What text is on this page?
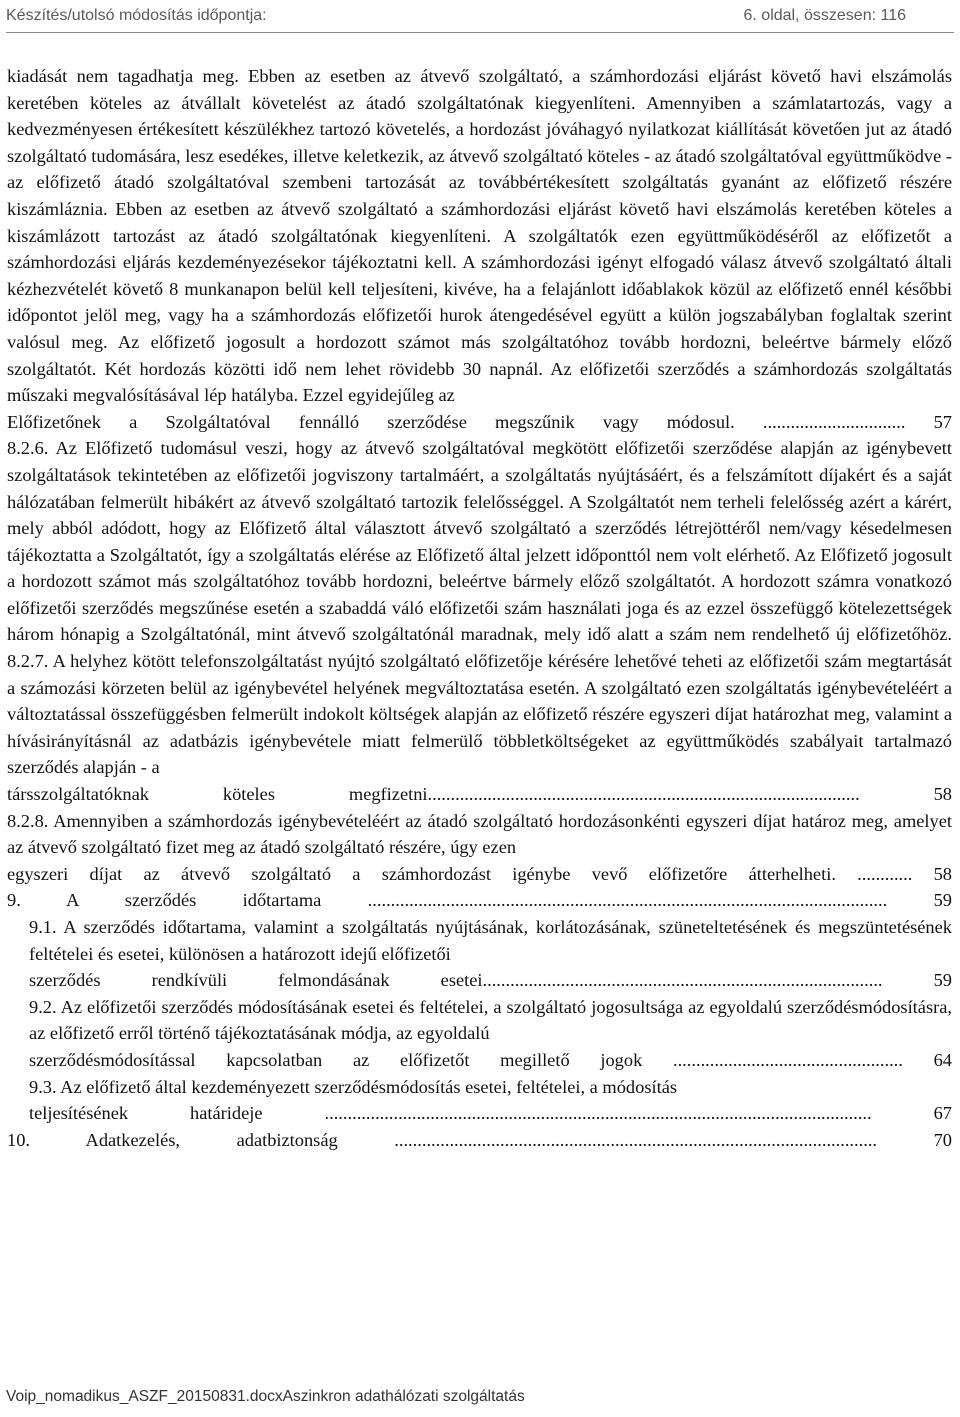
Készítés/utolsó módosítás időpontja:	6. oldal, összesen: 116

kiadását nem tagadhatja meg. Ebben az esetben az átvevő szolgáltató, a számhordozási eljárást követő havi elszámolás keretében köteles az átvállalt követelést az átadó szolgáltatónak kiegyenlíteni. Amennyiben a számlatartozás, vagy a kedvezményesen értékesített készülékhez tartozó követelés, a hordozást jóváhagyó nyilatkozat kiállítását követően jut az átadó szolgáltató tudomására, lesz esedékes, illetve keletkezik, az átvevő szolgáltató köteles - az átadó szolgáltatóval együttműködve - az előfizető átadó szolgáltatóval szembeni tartozását az továbbértékesített szolgáltatás gyanánt az előfizető részére kiszámláznia. Ebben az esetben az átvevő szolgáltató a számhordozási eljárást követő havi elszámolás keretében köteles a kiszámlázott tartozást az átadó szolgáltatónak kiegyenlíteni. A szolgáltatók ezen együttműködéséről az előfizetőt a számhordozási eljárás kezdeményezésekor tájékoztatni kell. A számhordozási igényt elfogadó válasz átvevő szolgáltató általi kézhezvételét követő 8 munkanapon belül kell teljesíteni, kivéve, ha a felajánlott időablakok közül az előfizető ennél későbbi időpontot jelöl meg, vagy ha a számhordozás előfizetői hurok átengedésével együtt a külön jogszabályban foglaltak szerint valósul meg. Az előfizető jogosult a hordozott számot más szolgáltatóhoz tovább hordozni, beleértve bármely előző szolgáltatót. Két hordozás közötti idő nem lehet rövidebb 30 napnál. Az előfizetői szerződés a számhordozás szolgáltatás műszaki megvalósításával lép hatályba. Ezzel egyidejűleg az

Előfizetőnek a Szolgáltatóval fennálló szerződése megszűnik vagy módosul. ............................... 57

8.2.6. Az Előfizető tudomásul veszi, hogy az átvevő szolgáltatóval megkötött előfizetői szerződése alapján az igénybevett szolgáltatások tekintetében az előfizetői jogviszony tartalmáért, a szolgáltatás nyújtásáért, és a felszámított díjakért és a saját hálózatában felmerült hibákért az átvevő szolgáltató tartozik felelősséggel. A Szolgáltatót nem terheli felelősség azért a kárért, mely abból adódott, hogy az Előfizető által választott átvevő szolgáltató a szerződés létrejöttéről nem/vagy késedelmesen tájékoztatta a Szolgáltatót, így a szolgáltatás elérése az Előfizető által jelzett időponttól nem volt elérhető. Az Előfizető jogosult a hordozott számot más szolgáltatóhoz tovább hordozni, beleértve bármely előző szolgáltatót. A hordozott számra vonatkozó előfizetői szerződés megszűnése esetén a szabaddá váló előfizetői szám használati joga és az ezzel összefüggő kötelezettségek három hónapig a Szolgáltatónál, mint átvevő szolgáltatónál maradnak, mely idő alatt a szám nem rendelhető új előfizetőhöz. 8.2.7. A helyhez kötött telefonszolgáltatást nyújtó szolgáltató előfizetője kérésére lehetővé teheti az előfizetői szám megtartását a számozási körzeten belül az igénybevétel helyének megváltoztatása esetén. A szolgáltató ezen szolgáltatás igénybevételéért a változtatással összefüggésben felmerült indokolt költségek alapján az előfizető részére egyszeri díjat határozhat meg, valamint a hívásirányításnál az adatbázis igénybevétele miatt felmerülő többletköltségeket az együttműködés szabályait tartalmazó szerződés alapján - a

társszolgáltatóknak köteles megfizetni.............................................................................................. 58

8.2.8. Amennyiben a számhordozás igénybevételéért az átadó szolgáltató hordozásonkénti egyszeri díjat határoz meg, amelyet az átvevő szolgáltató fizet meg az átadó szolgáltató részére, úgy ezen

egyszeri díjat az átvevő szolgáltató a számhordozást igénybe vevő előfizetőre átterhelheti. ............ 58

9. A szerződés időtartama ................................................................................................................. 59

9.1. A szerződés időtartama, valamint a szolgáltatás nyújtásának, korlátozásának, szüneteltetésének és megszüntetésének feltételei és esetei, különösen a határozott idejű előfizetői

szerződés rendkívüli felmondásának esetei....................................................................................... 59

9.2. Az előfizetői szerződés módosításának esetei és feltételei, a szolgáltató jogosultsága az egyoldalú szerződésmódosításra, az előfizető erről történő tájékoztatásának módja, az egyoldalú

szerződésmódosítással kapcsolatban az előfizetőt megillető jogok .................................................. 64

9.3. Az előfizető által kezdeményezett szerződésmódosítás esetei, feltételei, a módosítás

teljesítésének határideje ....................................................................................................................... 67

10. Adatkezelés, adatbiztonság ......................................................................................................... 70

Voip_nomadikus_ASZF_20150831.docxAszinkron adathálózati szolgáltatás
